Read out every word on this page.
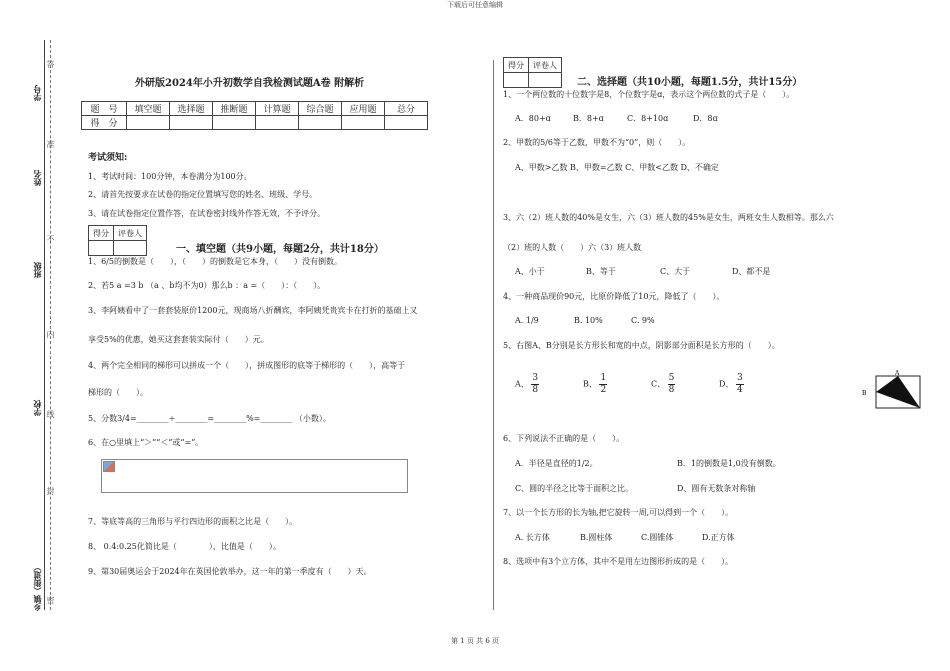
下载后可任意编辑
第 1 页 共 6 页
学号
姓名
班级
学校
乡镇（街道）
答
准
不
内
线
封
密
外研版2024年小升初数学自我检测试题A卷 附解析
题　号	填空题	选择题	推断题	计算题	综合题	应用题	总分
得　分							
考试须知:
1、考试时间：100分钟，本卷满分为100分。
2、请首先按要求在试卷的指定位置填写您的姓名、班级、学号。
3、请在试卷指定位置作答，在试卷密封线外作答无效，不予评分。
得分	评卷人

一、填空题（共9小题，每题2分，共计18分）
1、6/5的倒数是（　　），（　　）的倒数是它本身，（　　）没有倒数。
2、若5 a =3 b （a 、b均不为0）那么b ：a =（　　）：（　　）。
3、李阿姨看中了一套套装原价1200元，现商场八折酬宾，李阿姨凭贵宾卡在打折的基础上又
享受5%的优惠，她买这套套装实际付（　　）元。
4、两个完全相同的梯形可以拼成一个（　　），拼成图形的底等于梯形的（　　），高等于
梯形的（　　）。
5、分数3/4=________÷________=________%=________ （小数）。
6、在○里填上“＞”“＜”或“=”。
7、等底等高的三角形与平行四边形的面积之比是（　　）。
8、 0.4:0.25化简比是（　　　　），比值是（　　）。
9、第30届奥运会于2024年在英国伦敦举办，这一年的第一季度有（　　）天。
得分	评卷人

二、选择题（共10小题，每题1.5分，共计15分）
1、一个两位数的十位数字是8，个位数字是ɑ，表示这个两位数的式子是（　　）。
A．80+ɑ	B．8+ɑ	C．8+10ɑ	D．8ɑ
2、甲数的5/6等于乙数，甲数不为“0”，则（　　）。
A、甲数>乙数 B、甲数=乙数 C、甲数<乙数 D、不确定
3、六（2）班人数的40%是女生，六（3）班人数的45%是女生，两班女生人数相等。那么六
（2）班的人数（　　）六（3）班人数
A、小于	B、等于	C、大于	D、都不是
4、一种商品现价90元，比原价降低了10元，降低了（　　）。
A. 1/9	B. 10%	C. 9%
5、右图A、B分别是长方形长和宽的中点，阴影部分面积是长方形的（　　）。
A、 $\frac{3}{8}$	B、 $\frac{1}{2}$	C、 $\frac{5}{8}$	D、 $\frac{3}{4}$	A
B
6、下列说法不正确的是（　　）。
A．半径是直径的1/2。	B．1的倒数是1,0没有倒数。
C、圆的半径之比等于面积之比。	D、圆有无数条对称轴
7、以一个长方形的长为轴,把它旋转一周,可以得到一个（　　）。
A. 长方体	B.圆柱体	C.圆锥体	D.正方体
8、选项中有3个立方体，其中不是用左边图形折成的是（　　）。
